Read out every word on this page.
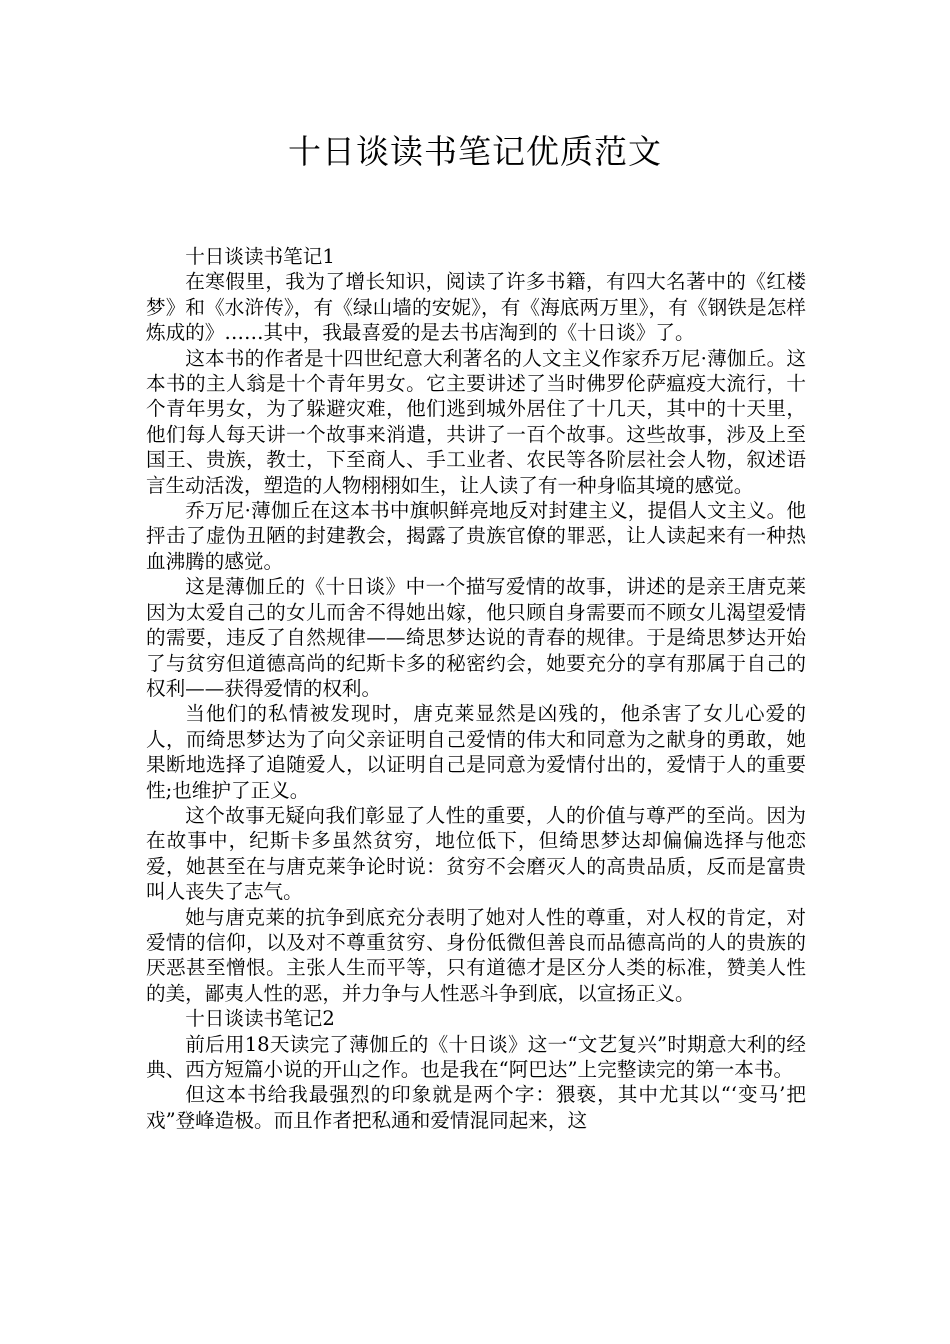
十日谈读书笔记优质范文

十日谈读书笔记1

在寒假里，我为了增长知识，阅读了许多书籍，有四大名著中的《红楼梦》和《水浒传》，有《绿山墙的安妮》，有《海底两万里》，有《钢铁是怎样炼成的》……其中，我最喜爱的是去书店淘到的《十日谈》了。

这本书的作者是十四世纪意大利著名的人文主义作家乔万尼·薄伽丘。这本书的主人翁是十个青年男女。它主要讲述了当时佛罗伦萨瘟疫大流行，十个青年男女，为了躲避灾难，他们逃到城外居住了十几天，其中的十天里，他们每人每天讲一个故事来消遣，共讲了一百个故事。这些故事，涉及上至国王、贵族，教士，下至商人、手工业者、农民等各阶层社会人物，叙述语言生动活泼，塑造的人物栩栩如生，让人读了有一种身临其境的感觉。

乔万尼·薄伽丘在这本书中旗帜鲜亮地反对封建主义，提倡人文主义。他抨击了虚伪丑陋的封建教会，揭露了贵族官僚的罪恶，让人读起来有一种热血沸腾的感觉。

这是薄伽丘的《十日谈》中一个描写爱情的故事，讲述的是亲王唐克莱因为太爱自己的女儿而舍不得她出嫁，他只顾自身需要而不顾女儿渴望爱情的需要，违反了自然规律——绮思梦达说的青春的规律。于是绮思梦达开始了与贫穷但道德高尚的纪斯卡多的秘密约会，她要充分的享有那属于自己的权利——获得爱情的权利。

当他们的私情被发现时，唐克莱显然是凶残的，他杀害了女儿心爱的人，而绮思梦达为了向父亲证明自己爱情的伟大和同意为之献身的勇敢，她果断地选择了追随爱人，以证明自己是同意为爱情付出的，爱情于人的重要性;也维护了正义。

这个故事无疑向我们彰显了人性的重要，人的价值与尊严的至尚。因为在故事中，纪斯卡多虽然贫穷，地位低下，但绮思梦达却偏偏选择与他恋爱，她甚至在与唐克莱争论时说：贫穷不会磨灭人的高贵品质，反而是富贵叫人丧失了志气。

她与唐克莱的抗争到底充分表明了她对人性的尊重，对人权的肯定，对爱情的信仰，以及对不尊重贫穷、身份低微但善良而品德高尚的人的贵族的厌恶甚至憎恨。主张人生而平等，只有道德才是区分人类的标准，赞美人性的美，鄙夷人性的恶，并力争与人性恶斗争到底，以宣扬正义。

十日谈读书笔记2

前后用18天读完了薄伽丘的《十日谈》这一“文艺复兴”时期意大利的经典、西方短篇小说的开山之作。也是我在“阿巴达”上完整读完的第一本书。

但这本书给我最强烈的印象就是两个字：猥亵，其中尤其以“‘变马’把戏”登峰造极。而且作者把私通和爱情混同起来，这
